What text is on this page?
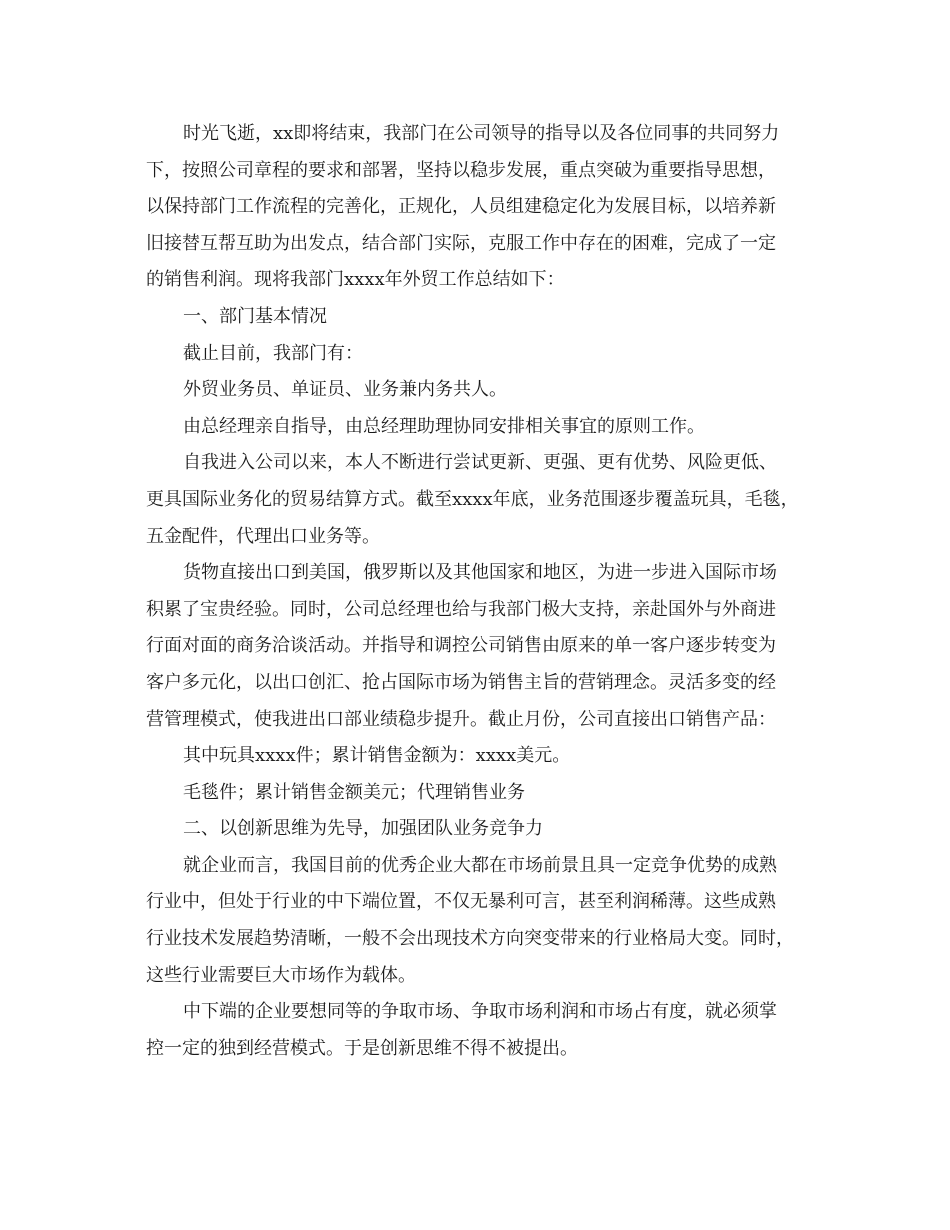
时光飞逝，xx即将结束，我部门在公司领导的指导以及各位同事的共同努力
下，按照公司章程的要求和部署，坚持以稳步发展，重点突破为重要指导思想，
以保持部门工作流程的完善化，正规化，人员组建稳定化为发展目标，以培养新
旧接替互帮互助为出发点，结合部门实际，克服工作中存在的困难，完成了一定
的销售利润。现将我部门xxxx年外贸工作总结如下：
一、部门基本情况
截止目前，我部门有：
外贸业务员、单证员、业务兼内务共人。
由总经理亲自指导，由总经理助理协同安排相关事宜的原则工作。
自我进入公司以来，本人不断进行尝试更新、更强、更有优势、风险更低、
更具国际业务化的贸易结算方式。截至xxxx年底，业务范围逐步覆盖玩具，毛毯，
五金配件，代理出口业务等。
货物直接出口到美国，俄罗斯以及其他国家和地区，为进一步进入国际市场
积累了宝贵经验。同时，公司总经理也给与我部门极大支持，亲赴国外与外商进
行面对面的商务洽谈活动。并指导和调控公司销售由原来的单一客户逐步转变为
客户多元化，以出口创汇、抢占国际市场为销售主旨的营销理念。灵活多变的经
营管理模式，使我进出口部业绩稳步提升。截止月份，公司直接出口销售产品：
其中玩具xxxx件；累计销售金额为：xxxx美元。
毛毯件；累计销售金额美元；代理销售业务
二、以创新思维为先导，加强团队业务竞争力
就企业而言，我国目前的优秀企业大都在市场前景且具一定竞争优势的成熟
行业中，但处于行业的中下端位置，不仅无暴利可言，甚至利润稀薄。这些成熟
行业技术发展趋势清晰，一般不会出现技术方向突变带来的行业格局大变。同时，
这些行业需要巨大市场作为载体。
中下端的企业要想同等的争取市场、争取市场利润和市场占有度，就必须掌
控一定的独到经营模式。于是创新思维不得不被提出。
